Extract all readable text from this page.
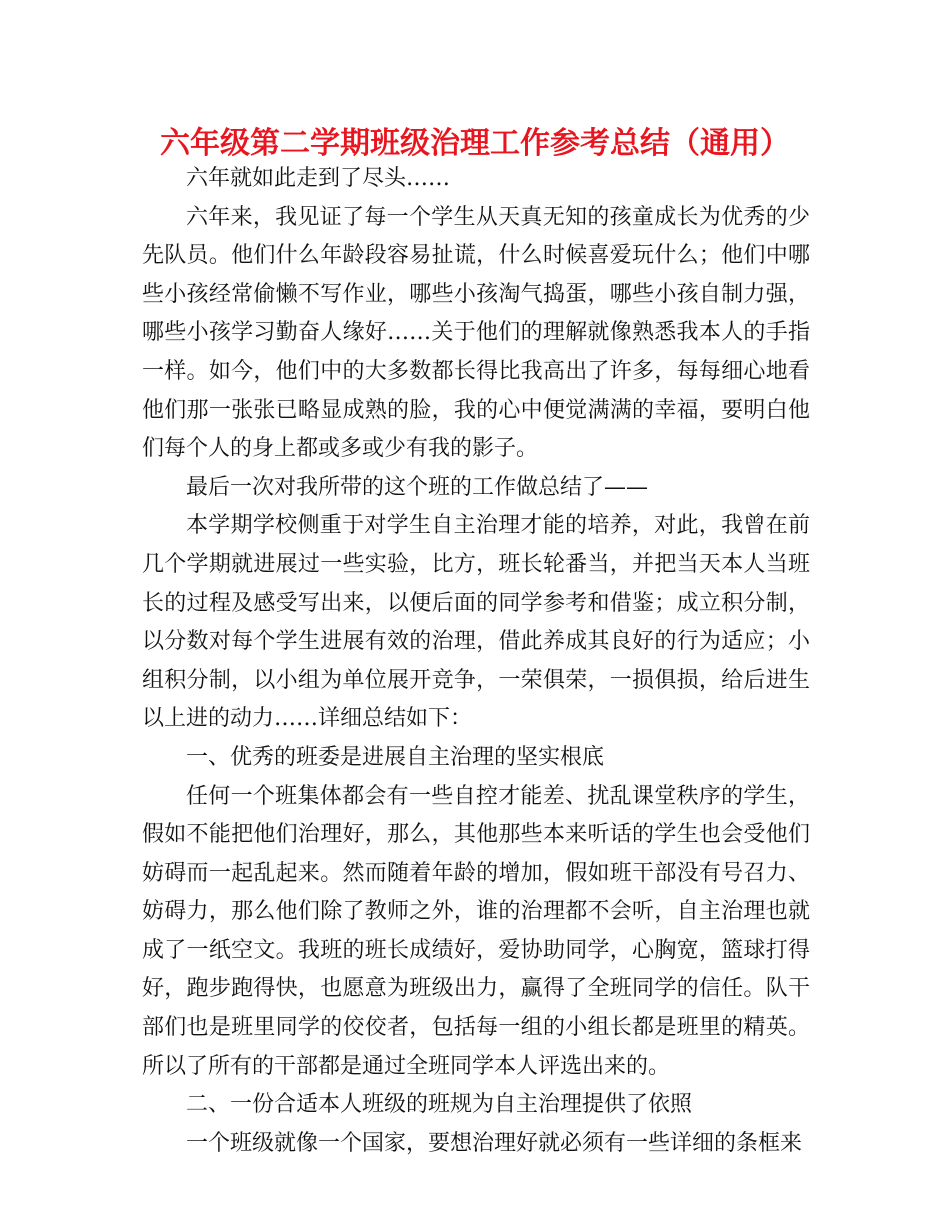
六年级第二学期班级治理工作参考总结（通用）

六年就如此走到了尽头……

六年来，我见证了每一个学生从天真无知的孩童成长为优秀的少先队员。他们什么年龄段容易扯谎，什么时候喜爱玩什么；他们中哪些小孩经常偷懒不写作业，哪些小孩淘气捣蛋，哪些小孩自制力强，哪些小孩学习勤奋人缘好……关于他们的理解就像熟悉我本人的手指一样。如今，他们中的大多数都长得比我高出了许多，每每细心地看他们那一张张已略显成熟的脸，我的心中便觉满满的幸福，要明白他们每个人的身上都或多或少有我的影子。

最后一次对我所带的这个班的工作做总结了——

本学期学校侧重于对学生自主治理才能的培养，对此，我曾在前几个学期就进展过一些实验，比方，班长轮番当，并把当天本人当班长的过程及感受写出来，以便后面的同学参考和借鉴；成立积分制，以分数对每个学生进展有效的治理，借此养成其良好的行为适应；小组积分制，以小组为单位展开竞争，一荣俱荣，一损俱损，给后进生以上进的动力……详细总结如下：

一、优秀的班委是进展自主治理的坚实根底

任何一个班集体都会有一些自控才能差、扰乱课堂秩序的学生，假如不能把他们治理好，那么，其他那些本来听话的学生也会受他们妨碍而一起乱起来。然而随着年龄的增加，假如班干部没有号召力、妨碍力，那么他们除了教师之外，谁的治理都不会听，自主治理也就成了一纸空文。我班的班长成绩好，爱协助同学，心胸宽，篮球打得好，跑步跑得快，也愿意为班级出力，赢得了全班同学的信任。队干部们也是班里同学的佼佼者，包括每一组的小组长都是班里的精英。所以了所有的干部都是通过全班同学本人评选出来的。

二、一份合适本人班级的班规为自主治理提供了依照

一个班级就像一个国家，要想治理好就必须有一些详细的条框来
